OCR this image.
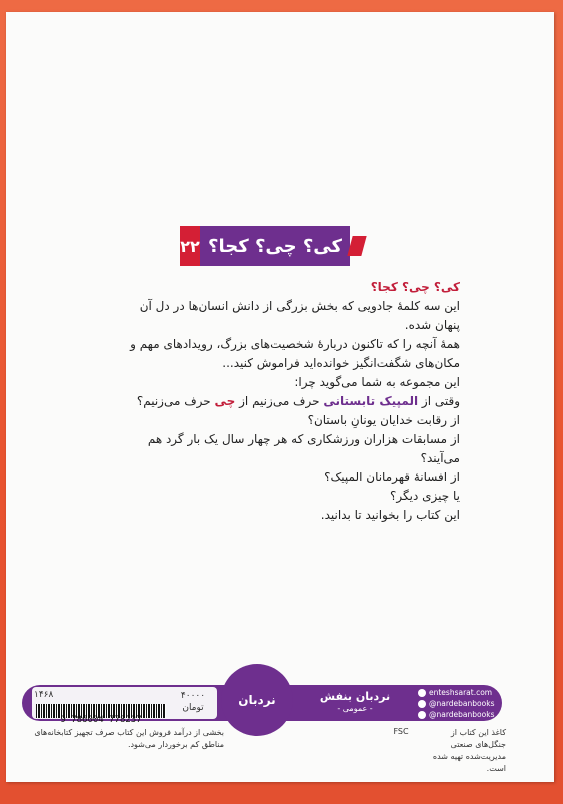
۲۲ کی؟ چی؟ کجا؟
کی؟ چی؟ کجا؟
این سه کلمهٔ جادویی که بخش بزرگی از دانش انسان‌ها در دل آن پنهان شده.
همهٔ آنچه را که تاکنون دربارهٔ شخصیت‌های بزرگ، رویدادهای مهم و مکان‌های شگفت‌انگیز خوانده‌اید فراموش کنید...
این مجموعه به شما می‌گوید چرا:
وقتی از المپیک تابستانی حرف می‌زنیم از چی حرف می‌زنیم؟
از رقابت خدایان یونانِ باستان؟
از مسابقات هزاران ورزشکاری که هر چهار سال یک بار گرد هم می‌آیند؟
از افسانهٔ قهرمانان المپیک؟
یا چیزی دیگر؟
این کتاب را بخوانید تا بدانید.
۱۴۶۸	۴۰۰۰۰
تومان
9 786004 778237
نردبان	نردبان بنفش
- عمومی -
enteshsarat.com
@nardebanbooks
@nardebanbooks
بخشی از درآمد فروش این کتاب صرف تجهیز کتابخانه‌های مناطق کم برخوردار می‌شود.
FSC	کاغذ این کتاب از جنگل‌های صنعتی مدیریت‌شده تهیه شده است.
